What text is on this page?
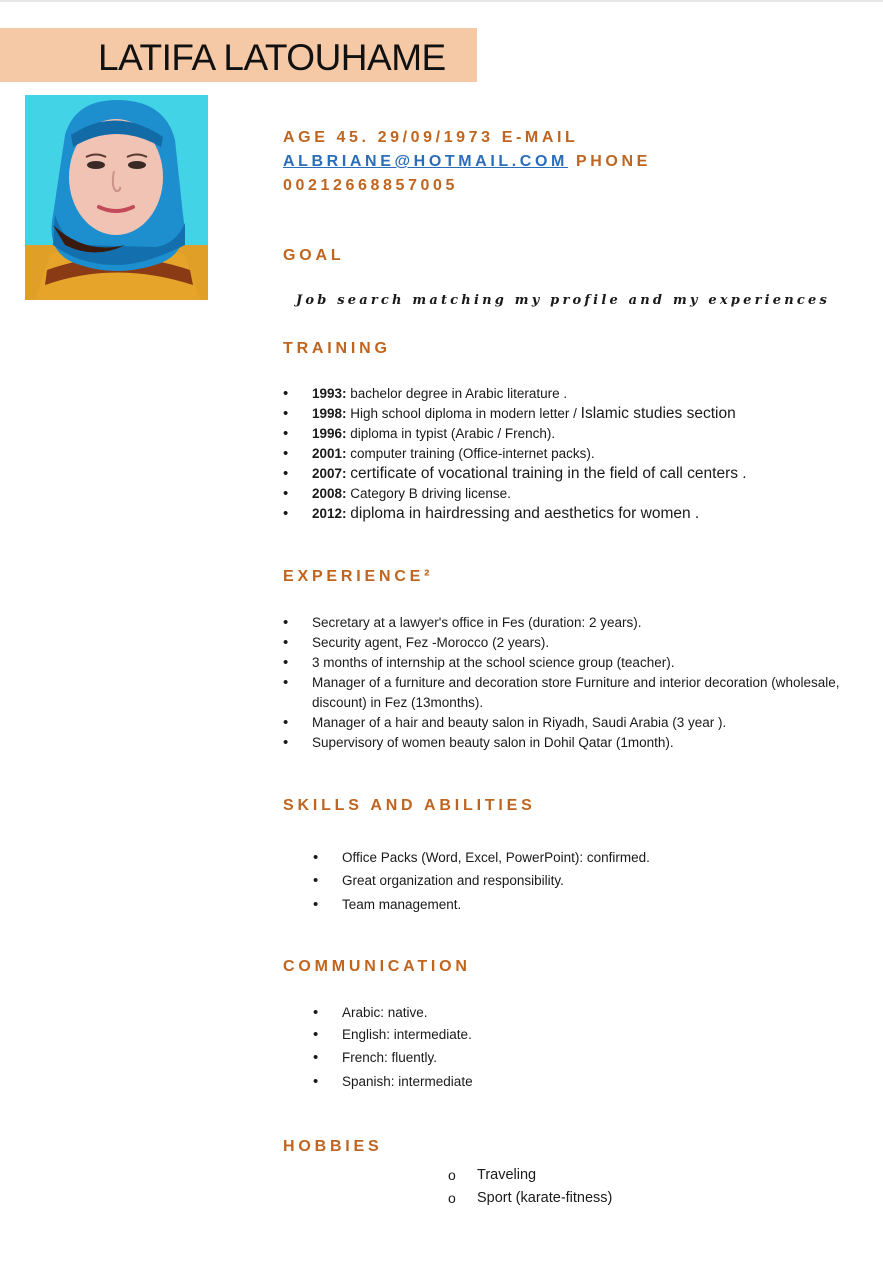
LATIFA LATOUHAME
AGE 45. 29/09/1973 E-MAIL
ALBRIANE@HOTMAIL.COM PHONE
00212668857005
GOAL
Job search matching my profile and my experiences
TRAINING
• 1993: bachelor degree in Arabic literature .
• 1998: High school diploma in modern letter / Islamic studies section
• 1996: diploma in typist (Arabic / French).
• 2001: computer training (Office-internet packs).
• 2007: certificate of vocational training in the field of call centers .
• 2008: Category B driving license.
• 2012: diploma in hairdressing and aesthetics for women .
EXPERIENCE²
• Secretary at a lawyer's office in Fes (duration: 2 years).
• Security agent, Fez -Morocco (2 years).
• 3 months of internship at the school science group (teacher).
• Manager of a furniture and decoration store Furniture and interior decoration (wholesale, discount) in Fez (13months).
• Manager of a hair and beauty salon in Riyadh, Saudi Arabia (3 year ).
• Supervisory of women beauty salon in Dohil Qatar (1month).
SKILLS AND ABILITIES
• Office Packs (Word, Excel, PowerPoint): confirmed.
• Great organization and responsibility.
• Team management.
COMMUNICATION
• Arabic: native.
• English: intermediate.
• French: fluently.
• Spanish: intermediate
HOBBIES
o Traveling
o Sport (karate-fitness)
